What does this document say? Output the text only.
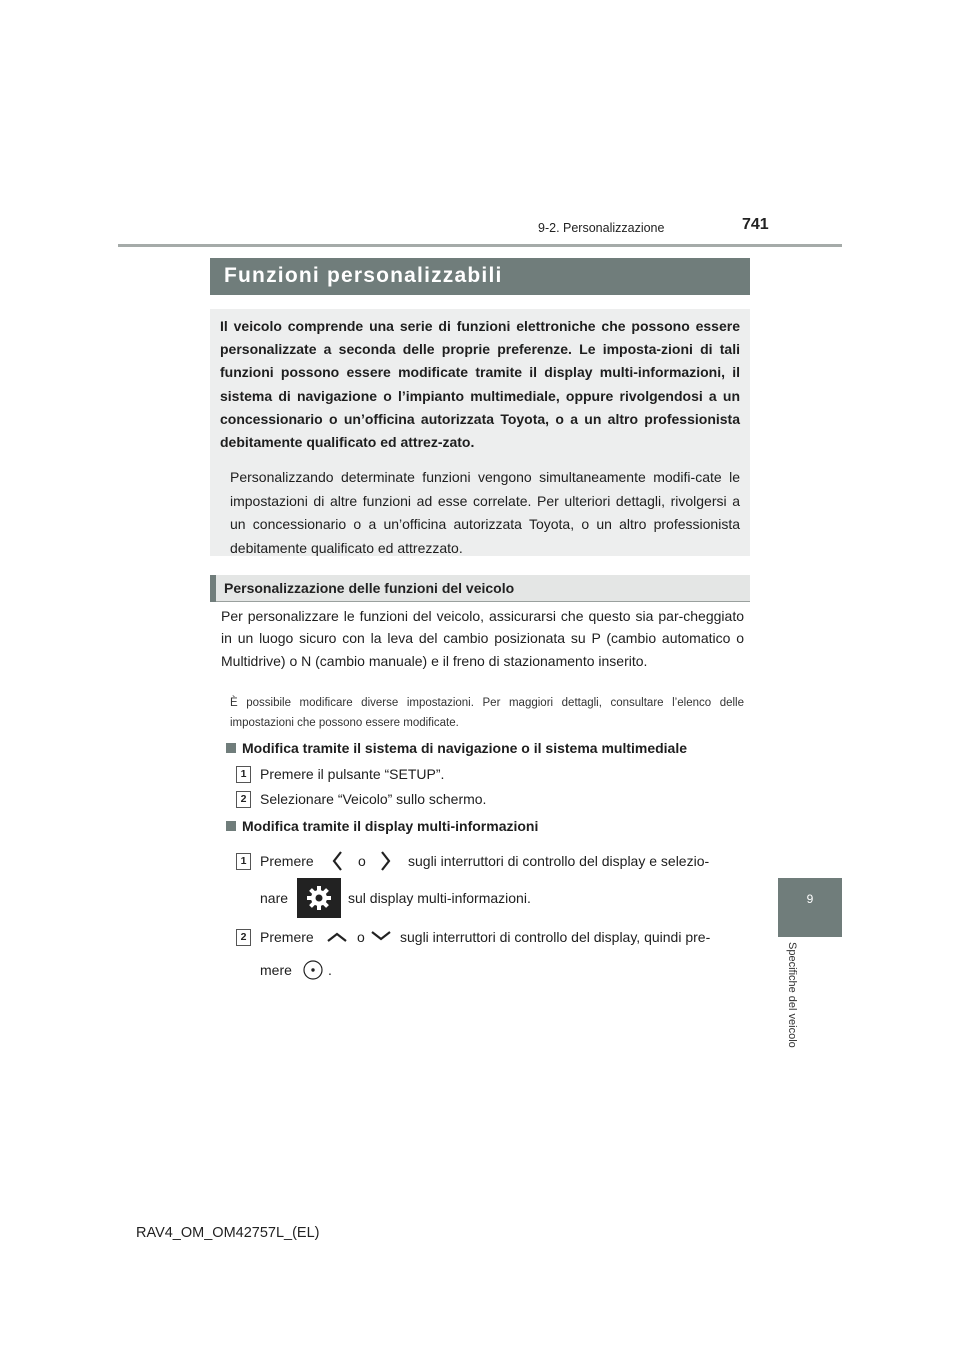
9-2. Personalizzazione	741
9
Specifiche del veicolo
Funzioni personalizzabili

Il veicolo comprende una serie di funzioni elettroniche che possono essere personalizzate a seconda delle proprie preferenze. Le imposta-zioni di tali funzioni possono essere modificate tramite il display multi-informazioni, il sistema di navigazione o l’impianto multimediale, oppure rivolgendosi a un concessionario o un’officina autorizzata Toyota, o a un altro professionista debitamente qualificato ed attrez-zato.

Personalizzando determinate funzioni vengono simultaneamente modifi-cate le impostazioni di altre funzioni ad esse correlate. Per ulteriori dettagli, rivolgersi a un concessionario o a un’officina autorizzata Toyota, o un altro professionista debitamente qualificato ed attrezzato.

Personalizzazione delle funzioni del veicolo

Per personalizzare le funzioni del veicolo, assicurarsi che questo sia par-cheggiato in un luogo sicuro con la leva del cambio posizionata su P (cambio automatico o Multidrive) o N (cambio manuale) e il freno di stazionamento inserito.

È possibile modificare diverse impostazioni. Per maggiori dettagli, consultare l’elenco delle impostazioni che possono essere modificate.

Modifica tramite il sistema di navigazione o il sistema multimediale
1 Premere il pulsante “SETUP”.
2 Selezionare “Veicolo” sullo schermo.
Modifica tramite il display multi-informazioni
1 Premere	o	sugli interruttori di controllo del display e selezio-
nare	sul display multi-informazioni.
2 Premere	o	sugli interruttori di controllo del display, quindi pre-
mere	.
RAV4_OM_OM42757L_(EL)
